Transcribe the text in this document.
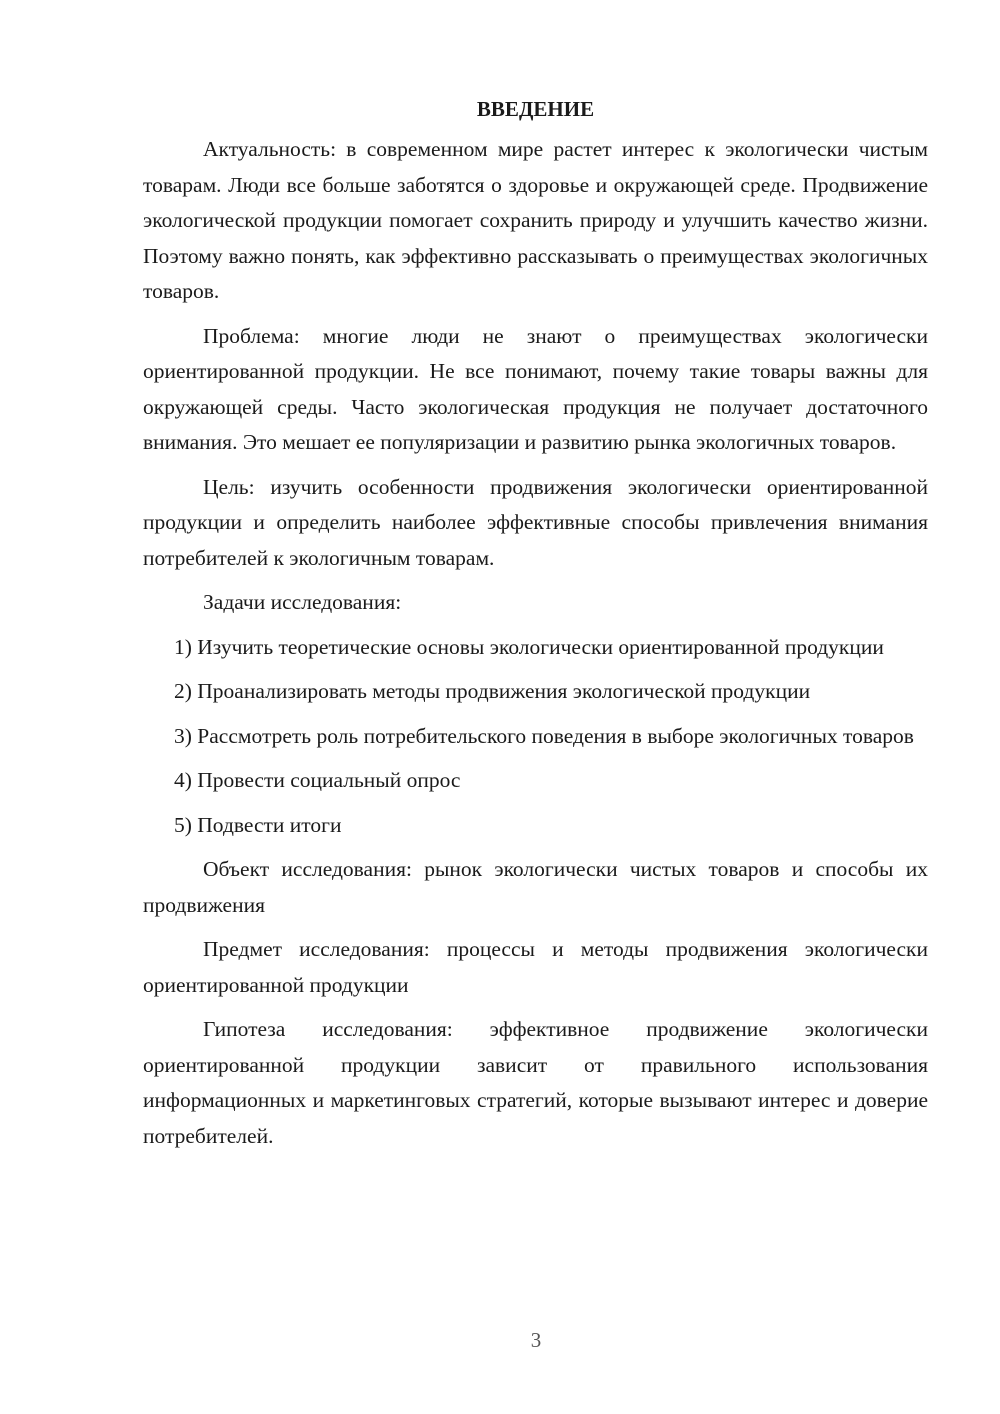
ВВЕДЕНИЕ

Актуальность: в современном мире растет интерес к экологически чистым товарам. Люди все больше заботятся о здоровье и окружающей среде. Продвижение экологической продукции помогает сохранить природу и улучшить качество жизни. Поэтому важно понять, как эффективно рассказывать о преимуществах экологичных товаров.

Проблема: многие люди не знают о преимуществах экологически ориентированной продукции. Не все понимают, почему такие товары важны для окружающей среды. Часто экологическая продукция не получает достаточного внимания. Это мешает ее популяризации и развитию рынка экологичных товаров.

Цель: изучить особенности продвижения экологически ориентированной продукции и определить наиболее эффективные способы привлечения внимания потребителей к экологичным товарам.

Задачи исследования:

1) Изучить теоретические основы экологически ориентированной продукции

2) Проанализировать методы продвижения экологической продукции

3) Рассмотреть роль потребительского поведения в выборе экологичных товаров

4) Провести социальный опрос

5) Подвести итоги

Объект исследования: рынок экологически чистых товаров и способы их продвижения

Предмет исследования: процессы и методы продвижения экологически ориентированной продукции

Гипотеза исследования: эффективное продвижение экологически ориентированной продукции зависит от правильного использования информационных и маркетинговых стратегий, которые вызывают интерес и доверие потребителей.

3
